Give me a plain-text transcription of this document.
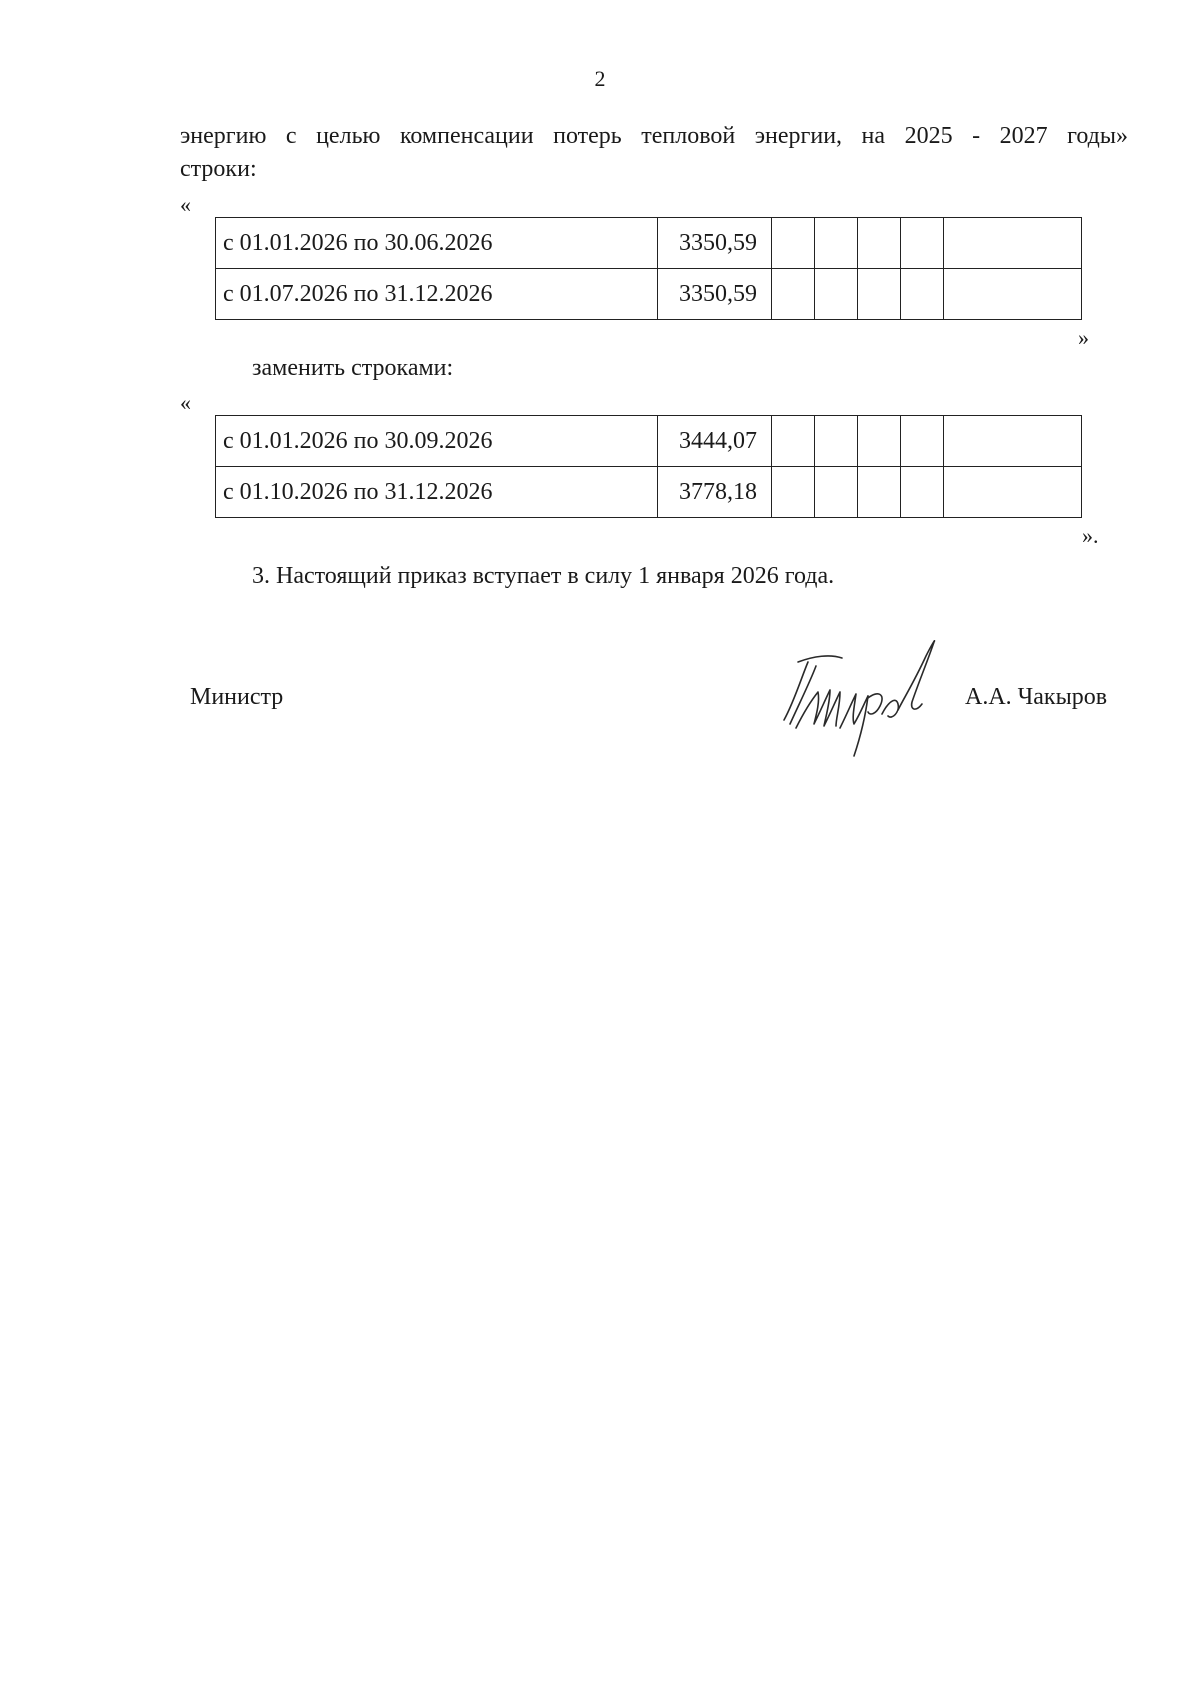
2
энергию с целью компенсации потерь тепловой энергии, на 2025 - 2027 годы»
строки:
«
с 01.01.2026 по 30.06.2026	3350,59					
с 01.07.2026 по 31.12.2026	3350,59					
»
заменить строками:
«
с 01.01.2026 по 30.09.2026	3444,07					
с 01.10.2026 по 31.12.2026	3778,18					
».
3. Настоящий приказ вступает в силу 1 января 2026 года.
Министр	А.А. Чакыров
